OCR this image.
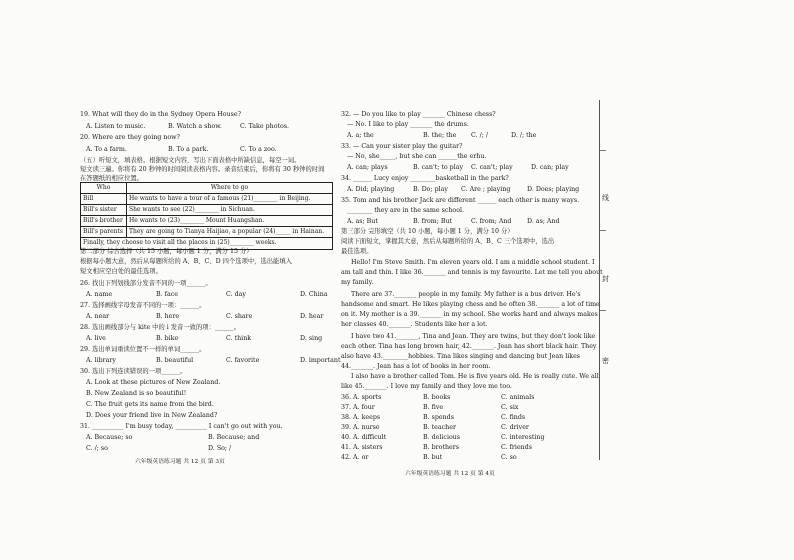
19. What will they do in the Sydney Opera House?
A. Listen to music.	B. Watch a show.	C. Take photos.
20. Where are they going now?
A. To a farm.	B. To a park.	C. To a zoo.
（五）听短文，填表格。根据短文内容，写出下面表格中所缺信息，每空一词。
短文读三遍。你将有 20 秒钟的时间阅读表格内容。录音结束后，你将有 30 秒钟的时间
在答题纸的相应位置。
Who	Where to go
Bill	He wants to have a tour of a famous (21)________ in Beijing.
Bill's sister	She wants to see (22)________ in Sichuan.
Bill's brother	He wants to (23)________ Mount Huangshan.
Bill's parents	They are going to Tianya Haijiao, a popular (24)_____ in Hainan.
Finally, they choose to visit all the places in (25)________ weeks.	
第二部分 综合选择（共 15 小题，每小题 1 分，满分 15 分）
根据每小题大意，然后从每题所给的 A、B、C、D 四个选项中，选出能填入
短文相应空白处的最佳选项。
26. 找出下列划线部分发音不同的一项______。
A. name	B. face	C. day	D. China
27. 选择画线字母发音不同的一项：______。
A. near	B. here	C. share	D. hear
28. 选出画线部分与 kite 中的 i 发音一致的项：______。
A. live	B. bike	C. think	D. sing
29. 选出单词重读位置不一样的单词______。
A. library	B. beautiful	C. favorite	D. important
30. 选出下列连读错误的一项______。
A. Look at these pictures of New Zealand.
B. New Zealand is so beautiful!
C. The fruit gets its name from the bird.
D. Does your friend live in New Zealand?
31. __________ I'm busy today, __________ I can't go out with you.
A. Because; so	B. Because; and
C. /; so	D. So; /
六年级英语练习题 共 12 页 第 3页
32. — Do you like to play _______ Chinese chess?
— No. I like to play _______ the drums.
A. a; the	B. the; the C. /; /	D. /; the
33. — Can your sister play the guitar?
— No, she_____, but she can ______the erhu.
A. can; plays	B. can't; to play C. can't; play	D. can; play
34. ______ Lucy enjoy ________basketball in the park?
A. Did; playing	B. Do; play C. Are ; playing	D. Does; playing
35. Tom and his brother Jack are different ______ each other is many ways.
________ they are in the same school.
A. as; But	B. from; But	C. from; And D. as; And
第三部分 完形填空（共 10 小题，每小题 1 分，满分 10 分）
阅读下面短文，掌握其大意，然后从每题所给的 A、B、C 三个选项中，选出
最佳选项。
Hello! I'm Steve Smith. I'm eleven years old. I am a middle school student. I
am tall and thin. I like 36._______ and tennis is my favourite. Let me tell you about
my family.
There are 37._______ people in my family. My father is a bus driver. He's
handsome and smart. He likes playing chess and he often 38._______ a lot of time
on it. My mother is a 39._______ in my school. She works hard and always makes
her classes 40._______. Students like her a lot.
I have two 41._______, Tina and Jean. They are twins, but they don't look like
each other. Tina has long brown hair, 42._______. Jean has short black hair. They
also have 43.________hobbies. Tina likes singing and dancing but Jean likes
44._______. Jean has a lot of books in her room.
I also have a brother called Tom. He is five years old. He is really cute. We all
like 45._______. I love my family and they love me too.
36. A. sports	B. books	C. animals
37. A. four	B. five	C. six
38. A. keeps	B. spends	C. finds
39. A. nurse	B. teacher	C. driver
40. A. difficult	B. delicious	C. interesting
41. A. sisters	B. brothers	C. friends
42. A. or	B. but	C. so
六年级英语练习题 共 12 页 第 4页
线
封
密
